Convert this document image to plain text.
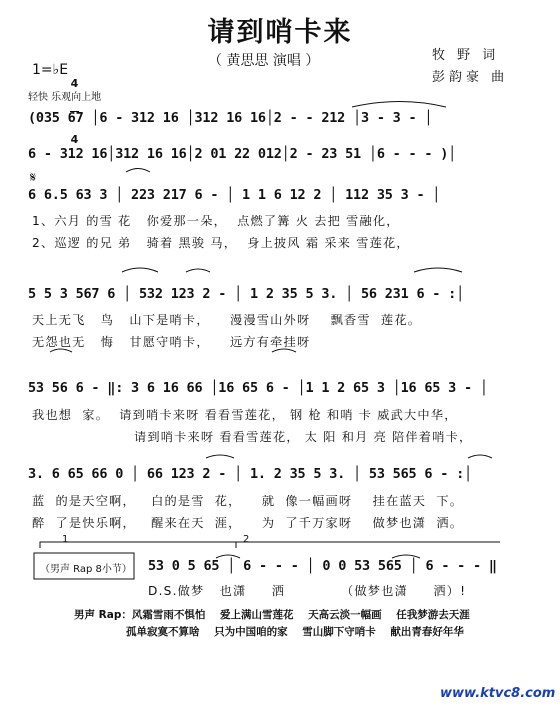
请到哨卡来
（ 黄思思 演唱 ）	牧 野 词
彭韵豪 曲
1=♭E

4

4

轻快 乐观向上地
(035 67 │6 - 312 16 │312 16 16│2 - - 212 │3 - 3 - │
6 - 312 16│312 16 16│2 01 22 012│2 - 23 51 │6 - - - )│
𝄋
6 6.5 63 3 │ 223 217 6 - │ 1 1 6 12 2 │ 112 35 3 - │
1、六月 的雪 花   你爱那一朵，  点燃了篝 火 去把 雪融化，
2、巡逻 的兄 弟   骑着 黑骏 马，  身上披风 霜 采来 雪莲花，
5 5 3 567 6 │ 532 123 2 - │ 1 2 35 5 3. │ 56 231 6 - :│
天上无飞   鸟   山下是哨卡，    漫漫雪山外呀    飘香雪  莲花。
无怨也无   悔   甘愿守哨卡，    远方有牵挂呀
53 56 6 - ‖: 3 6 16 66 │16 65 6 - │1 1 2 65 3 │16 65 3 - │
我也想  家。  请到哨卡来呀 看看雪莲花， 钢 枪 和哨 卡 威武大中华，
请到哨卡来呀 看看雪莲花， 太 阳 和月 亮 陪伴着哨卡，
3. 6 65 66 0 │ 66 123 2 - │ 1. 2 35 5 3. │ 53 565 6 - :│
蓝  的是天空啊，   白的是雪  花，    就  像一幅画呀    挂在蓝天  下。
醉  了是快乐啊，   醒来在天  涯，    为  了千万家呀    做梦也潇  洒。
1	2
（男声 Rap 8小节） 53 0 5 65 │ 6 - - - │ 0 0 53 565 │ 6 - - - ‖
D.S.做梦   也潇     洒           （做梦也潇     洒）!
男声 Rap：风霜雪雨不惧怕    爱上满山雪莲花    天高云淡一幅画    任我梦游去天涯
孤单寂寞不算啥    只为中国咱的家    雪山脚下守哨卡    献出青春好年华
www.ktvc8.com
